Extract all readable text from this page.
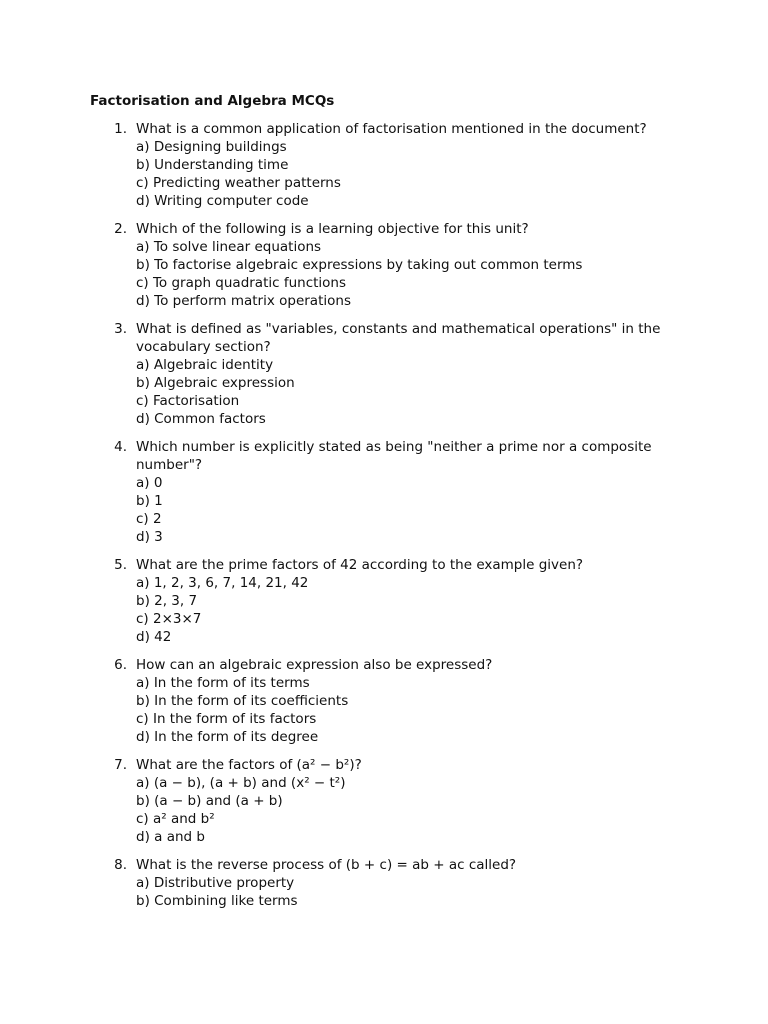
Factorisation and Algebra MCQs
1. What is a common application of factorisation mentioned in the document?
a) Designing buildings
b) Understanding time
c) Predicting weather patterns
d) Writing computer code
2. Which of the following is a learning objective for this unit?
a) To solve linear equations
b) To factorise algebraic expressions by taking out common terms
c) To graph quadratic functions
d) To perform matrix operations
3. What is defined as "variables, constants and mathematical operations" in the vocabulary section?
a) Algebraic identity
b) Algebraic expression
c) Factorisation
d) Common factors
4. Which number is explicitly stated as being "neither a prime nor a composite number"?
a) 0
b) 1
c) 2
d) 3
5. What are the prime factors of 42 according to the example given?
a) 1, 2, 3, 6, 7, 14, 21, 42
b) 2, 3, 7
c) 2×3×7
d) 42
6. How can an algebraic expression also be expressed?
a) In the form of its terms
b) In the form of its coefficients
c) In the form of its factors
d) In the form of its degree
7. What are the factors of (a² − b²)?
a) (a − b), (a + b) and (x² − t²)
b) (a − b) and (a + b)
c) a² and b²
d) a and b
8. What is the reverse process of (b + c) = ab + ac called?
a) Distributive property
b) Combining like terms
